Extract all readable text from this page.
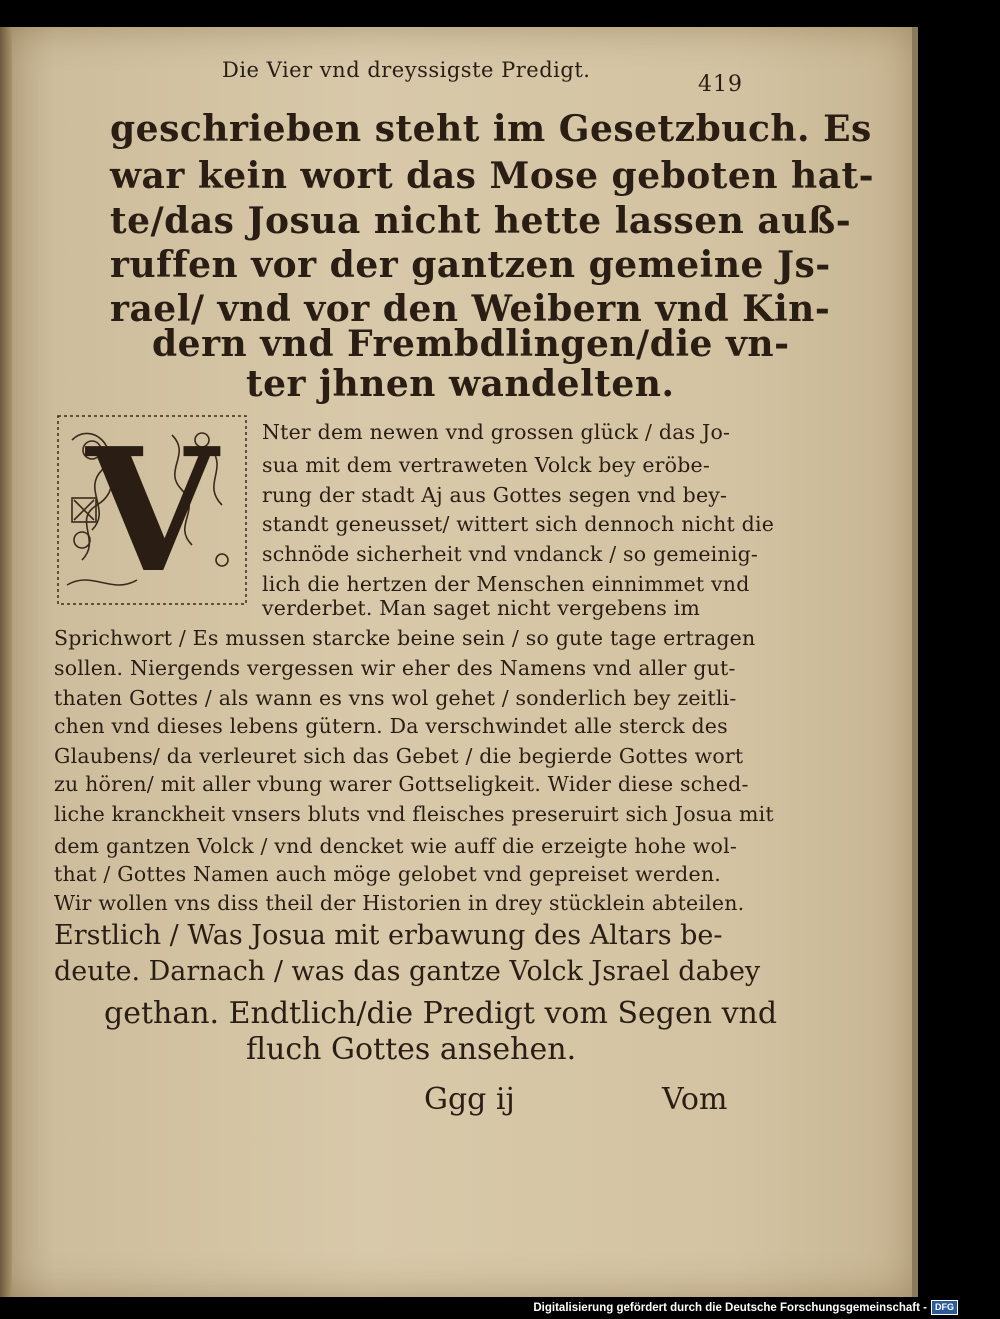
Die Vier vnd dreyssigste Predigt.
419
geschrieben steht im Gesetzbuch. Es
war kein wort das Mose geboten hat-
te/das Josua nicht hette lassen auß-
ruffen vor der gantzen gemeine Js-
rael/ vnd vor den Weibern vnd Kin-
dern vnd Frembdlingen/die vn-
ter jhnen wandelten.
V Nter dem newen vnd grossen glück / das Jo-
sua mit dem vertraweten Volck bey eröbe-
rung der stadt Aj aus Gottes segen vnd bey-
standt geneusset/ wittert sich dennoch nicht die
schnöde sicherheit vnd vndanck / so gemeinig-
lich die hertzen der Menschen einnimmet vnd
verderbet. Man saget nicht vergebens im
Sprichwort / Es mussen starcke beine sein / so gute tage ertragen
sollen. Niergends vergessen wir eher des Namens vnd aller gut-
thaten Gottes / als wann es vns wol gehet / sonderlich bey zeitli-
chen vnd dieses lebens gütern. Da verschwindet alle sterck des
Glaubens/ da verleuret sich das Gebet / die begierde Gottes wort
zu hören/ mit aller vbung warer Gottseligkeit. Wider diese sched-
liche kranckheit vnsers bluts vnd fleisches preseruirt sich Josua mit
dem gantzen Volck / vnd dencket wie auff die erzeigte hohe wol-
that / Gottes Namen auch möge gelobet vnd gepreiset werden.
Wir wollen vns diss theil der Historien in drey stücklein abteilen.
Erstlich / Was Josua mit erbawung des Altars be-
deute. Darnach / was das gantze Volck Jsrael dabey
gethan. Endtlich/die Predigt vom Segen vnd
fluch Gottes ansehen.
Ggg ij	Vom
Digitalisierung gefördert durch die Deutsche Forschungsgemeinschaft - DFG
